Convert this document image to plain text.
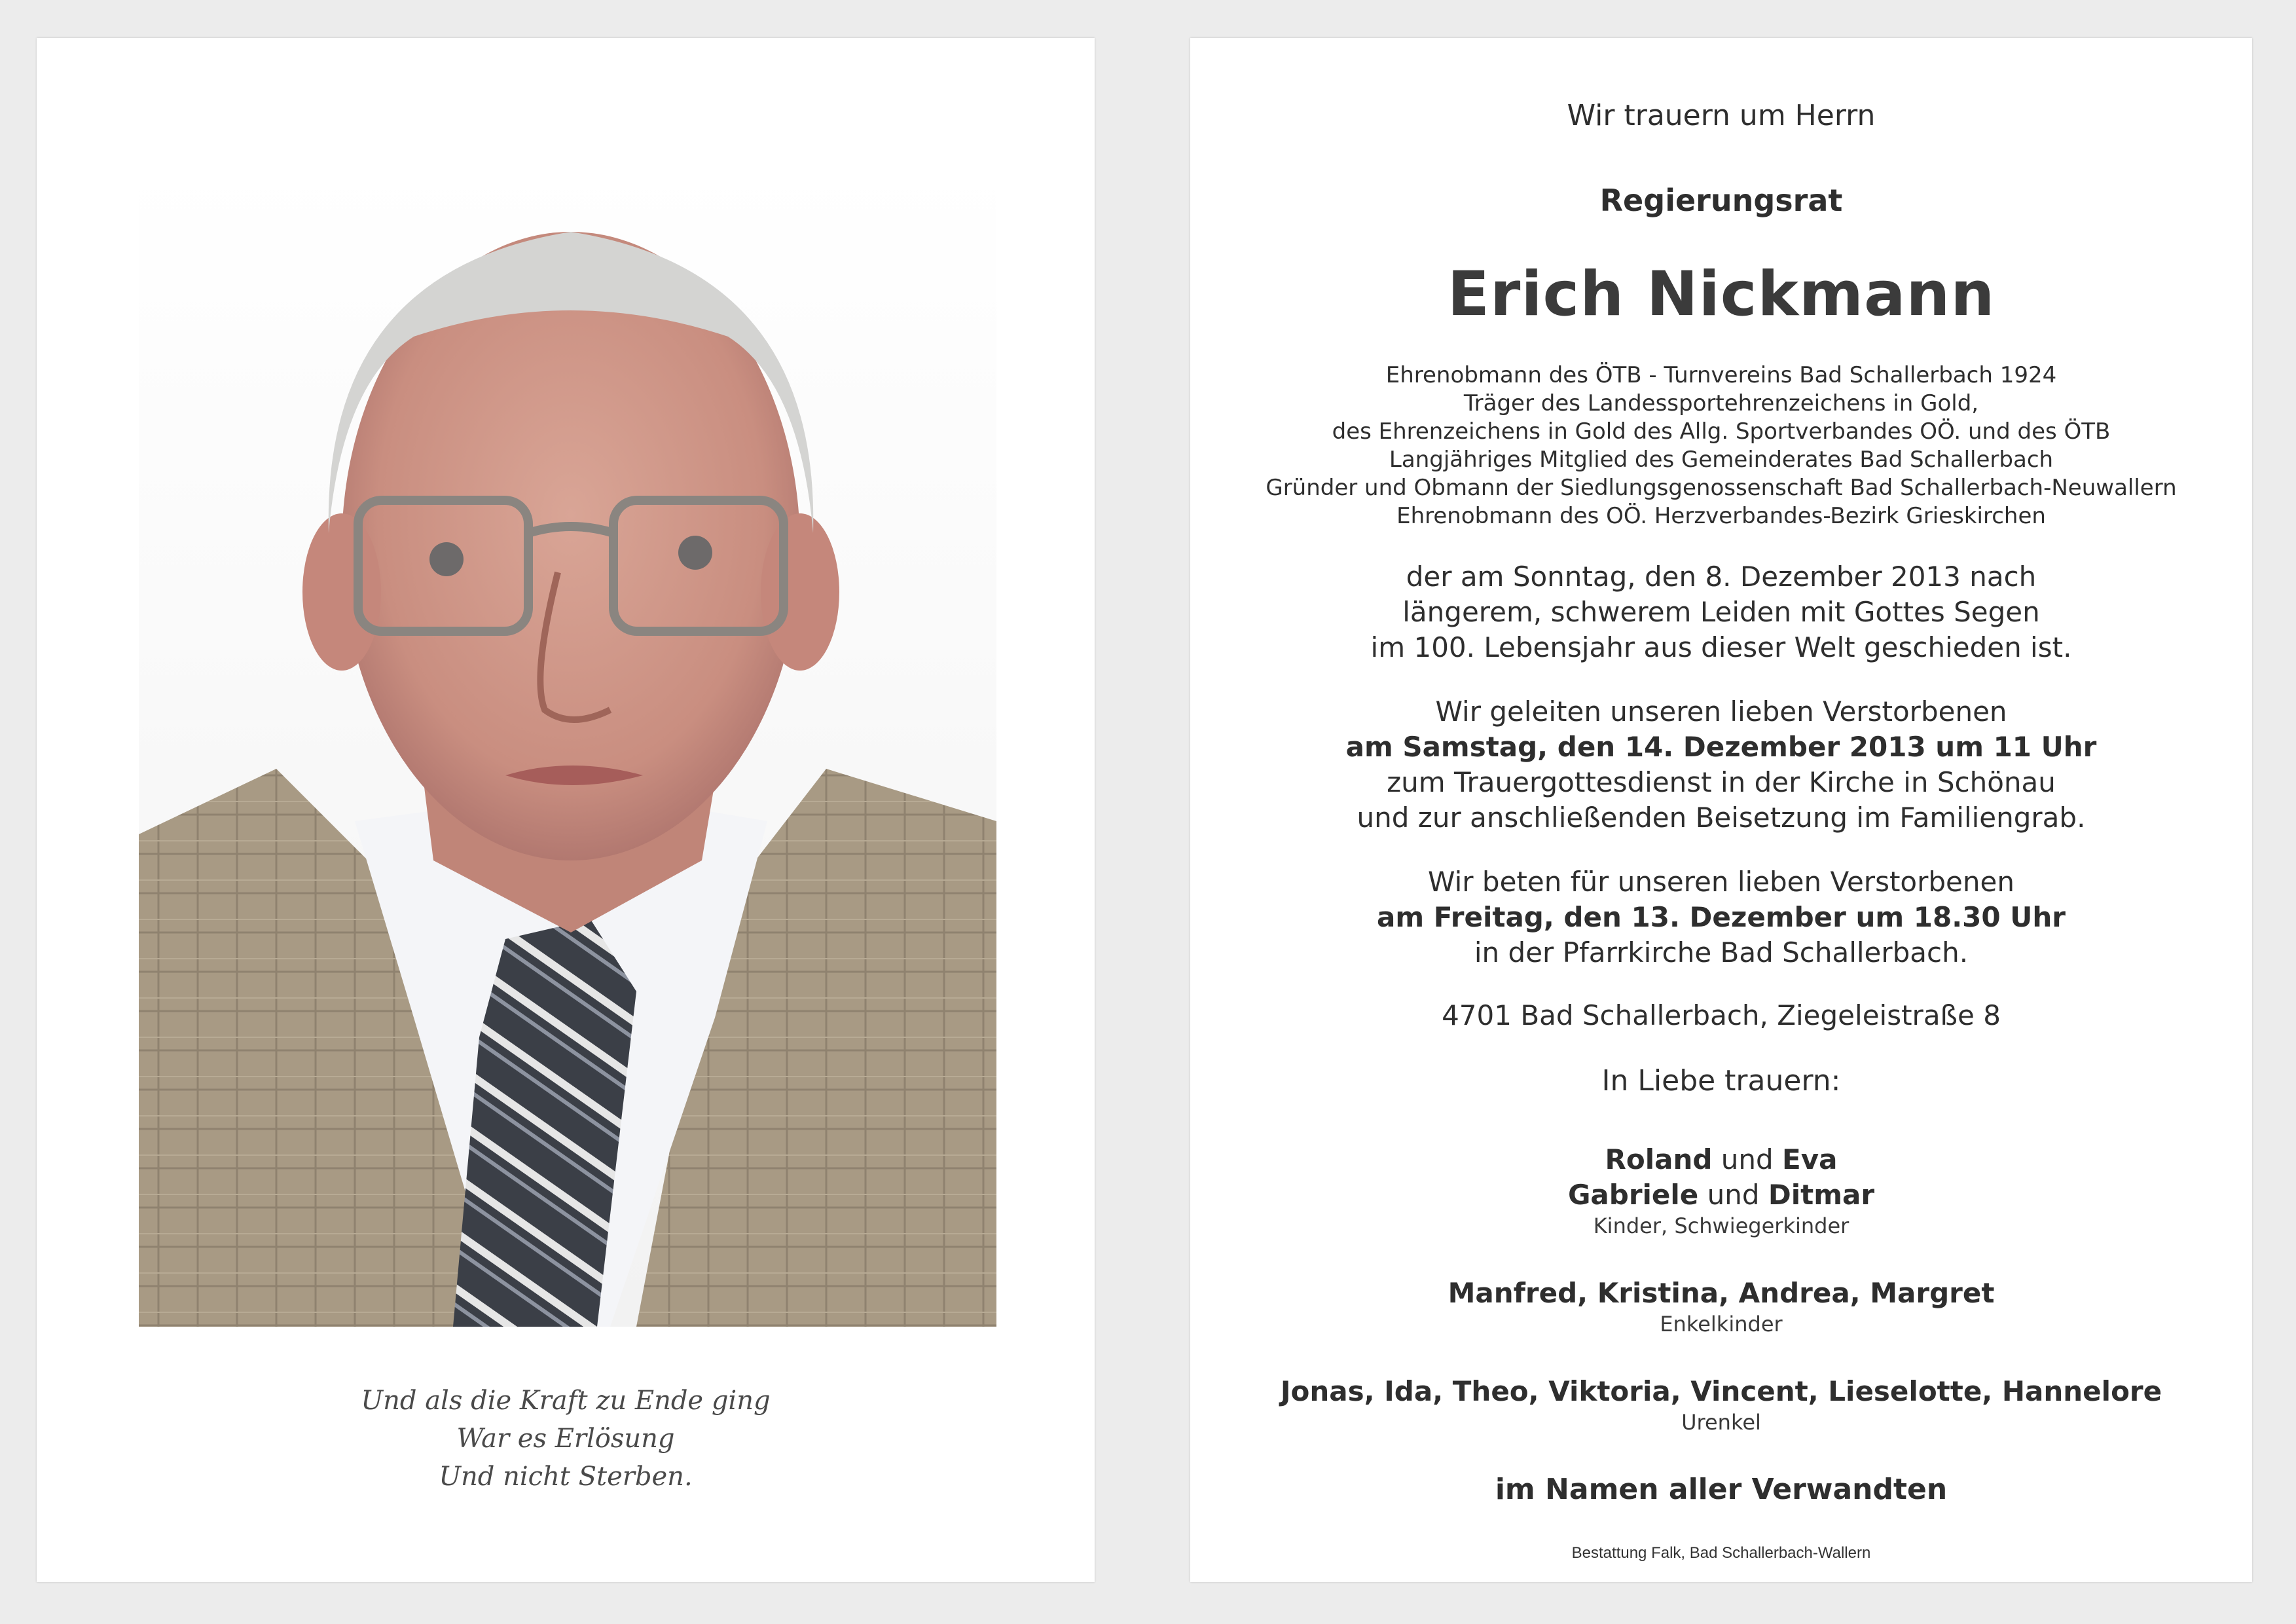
Und als die Kraft zu Ende ging
War es Erlösung
Und nicht Sterben.
Wir trauern um Herrn
Regierungsrat
Erich Nickmann
Ehrenobmann des ÖTB - Turnvereins Bad Schallerbach 1924
Träger des Landessportehrenzeichens in Gold,
des Ehrenzeichens in Gold des Allg. Sportverbandes OÖ. und des ÖTB
Langjähriges Mitglied des Gemeinderates Bad Schallerbach
Gründer und Obmann der Siedlungsgenossenschaft Bad Schallerbach-Neuwallern
Ehrenobmann des OÖ. Herzverbandes-Bezirk Grieskirchen
der am Sonntag, den 8. Dezember 2013 nach
längerem, schwerem Leiden mit Gottes Segen
im 100. Lebensjahr aus dieser Welt geschieden ist.
Wir geleiten unseren lieben Verstorbenen
am Samstag, den 14. Dezember 2013 um 11 Uhr
zum Trauergottesdienst in der Kirche in Schönau
und zur anschließenden Beisetzung im Familiengrab.
Wir beten für unseren lieben Verstorbenen
am Freitag, den 13. Dezember um 18.30 Uhr
in der Pfarrkirche Bad Schallerbach.
4701 Bad Schallerbach, Ziegeleistraße 8
In Liebe trauern:
Roland und Eva
Gabriele und Ditmar
Kinder, Schwiegerkinder
Manfred, Kristina, Andrea, Margret
Enkelkinder
Jonas, Ida, Theo, Viktoria, Vincent, Lieselotte, Hannelore
Urenkel
im Namen aller Verwandten
Bestattung Falk, Bad Schallerbach-Wallern
